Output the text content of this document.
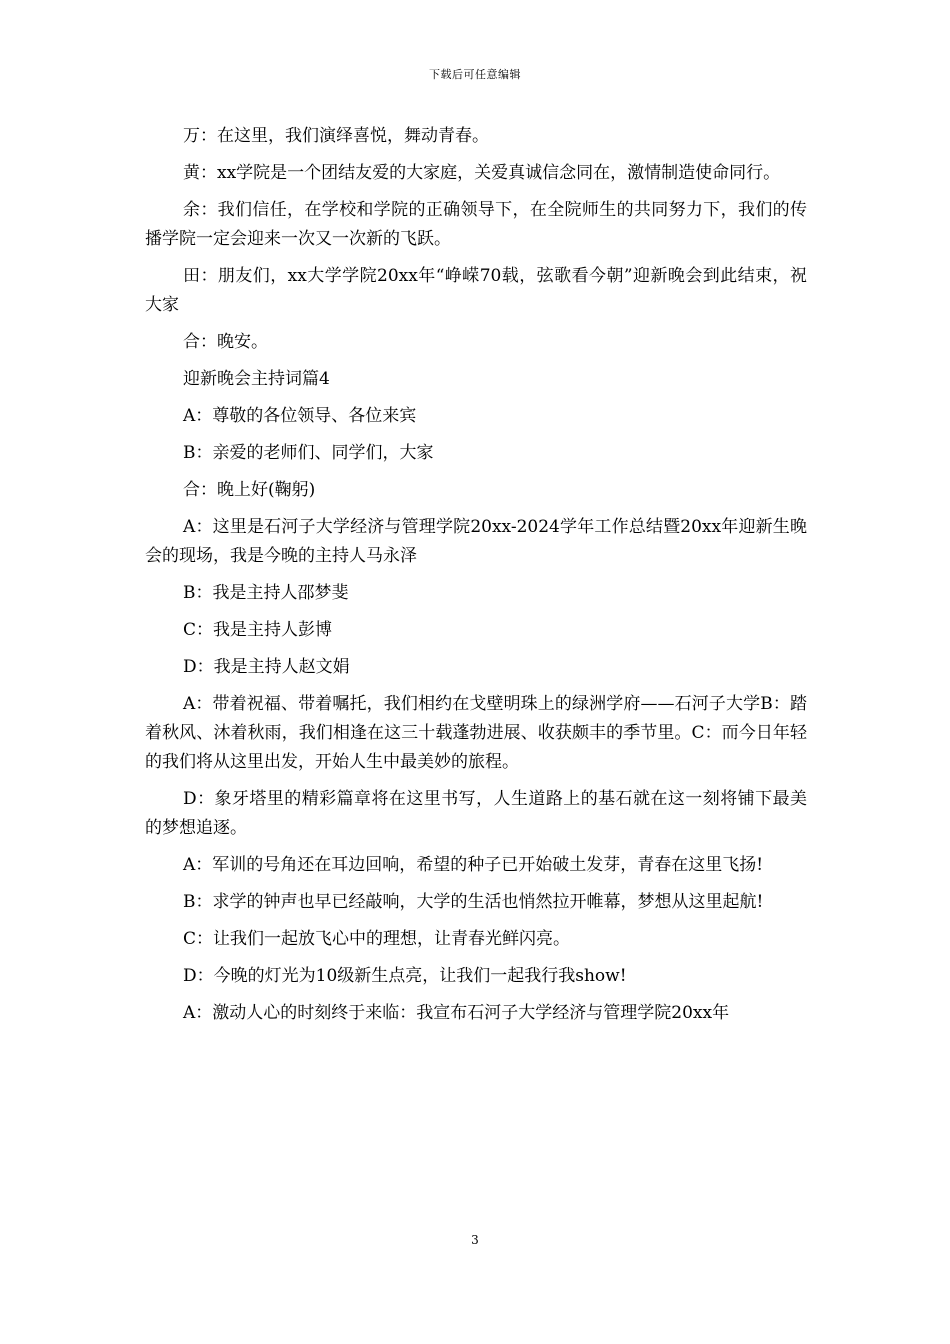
下载后可任意编辑

万：在这里，我们演绎喜悦，舞动青春。

黄：xx学院是一个团结友爱的大家庭，关爱真诚信念同在，激情制造使命同行。

余：我们信任，在学校和学院的正确领导下，在全院师生的共同努力下，我们的传播学院一定会迎来一次又一次新的飞跃。

田：朋友们，xx大学学院20xx年“峥嵘70载，弦歌看今朝”迎新晚会到此结束，祝大家

合：晚安。

迎新晚会主持词篇4

A：尊敬的各位领导、各位来宾

B：亲爱的老师们、同学们，大家

合：晚上好(鞠躬)

A：这里是石河子大学经济与管理学院20xx-2024学年工作总结暨20xx年迎新生晚会的现场，我是今晚的主持人马永泽

B：我是主持人邵梦斐

C：我是主持人彭博

D：我是主持人赵文娟

A：带着祝福、带着嘱托，我们相约在戈壁明珠上的绿洲学府——石河子大学B：踏着秋风、沐着秋雨，我们相逢在这三十载蓬勃进展、收获颇丰的季节里。C：而今日年轻的我们将从这里出发，开始人生中最美妙的旅程。

D：象牙塔里的精彩篇章将在这里书写，人生道路上的基石就在这一刻将铺下最美的梦想追逐。

A：军训的号角还在耳边回响，希望的种子已开始破土发芽，青春在这里飞扬!

B：求学的钟声也早已经敲响，大学的生活也悄然拉开帷幕，梦想从这里起航!

C：让我们一起放飞心中的理想，让青春光鲜闪亮。

D：今晚的灯光为10级新生点亮，让我们一起我行我show!

A：激动人心的时刻终于来临：我宣布石河子大学经济与管理学院20xx年

3
